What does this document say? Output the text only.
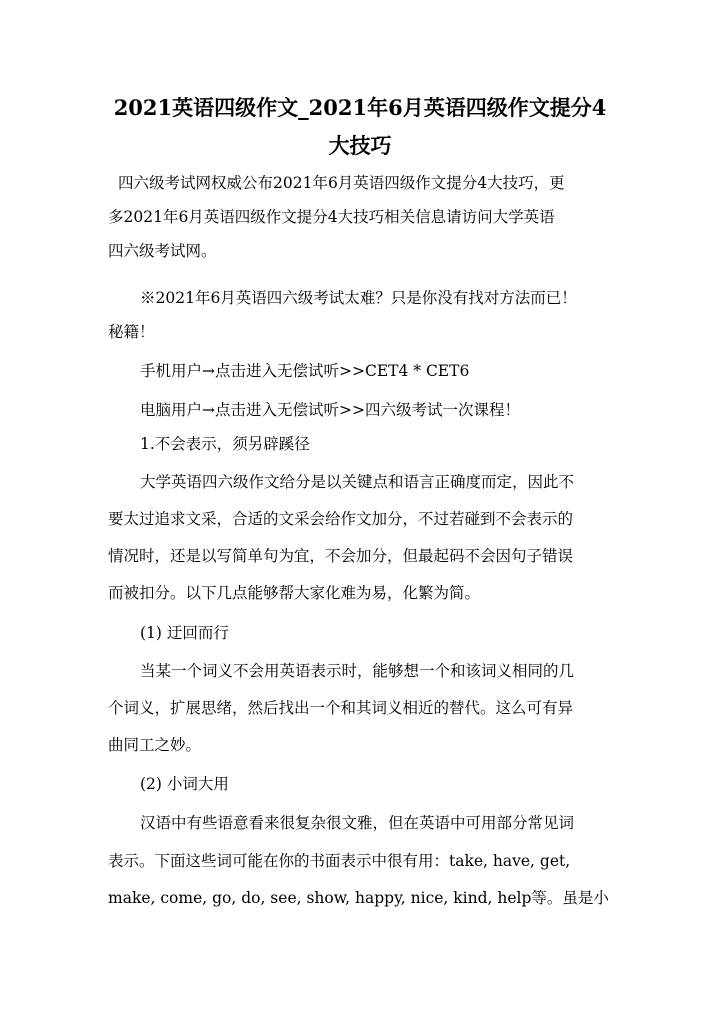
2021英语四级作文_2021年6月英语四级作文提分4
大技巧

四六级考试网权威公布2021年6月英语四级作文提分4大技巧，更

多2021年6月英语四级作文提分4大技巧相关信息请访问大学英语

四六级考试网。

※2021年6月英语四六级考试太难？只是你没有找对方法而已！

秘籍！

手机用户→点击进入无偿试听>>CET4 * CET6

电脑用户→点击进入无偿试听>>四六级考试一次课程！

1.不会表示，须另辟蹊径

大学英语四六级作文给分是以关键点和语言正确度而定，因此不

要太过追求文采，合适的文采会给作文加分，不过若碰到不会表示的

情况时，还是以写简单句为宜，不会加分，但最起码不会因句子错误

而被扣分。以下几点能够帮大家化难为易，化繁为简。

(1) 迂回而行

当某一个词义不会用英语表示时，能够想一个和该词义相同的几

个词义，扩展思绪，然后找出一个和其词义相近的替代。这么可有异

曲同工之妙。

(2) 小词大用

汉语中有些语意看来很复杂很文雅，但在英语中可用部分常见词

表示。下面这些词可能在你的书面表示中很有用：take, have, get,

make, come, go, do, see, show, happy, nice, kind, help等。虽是小
